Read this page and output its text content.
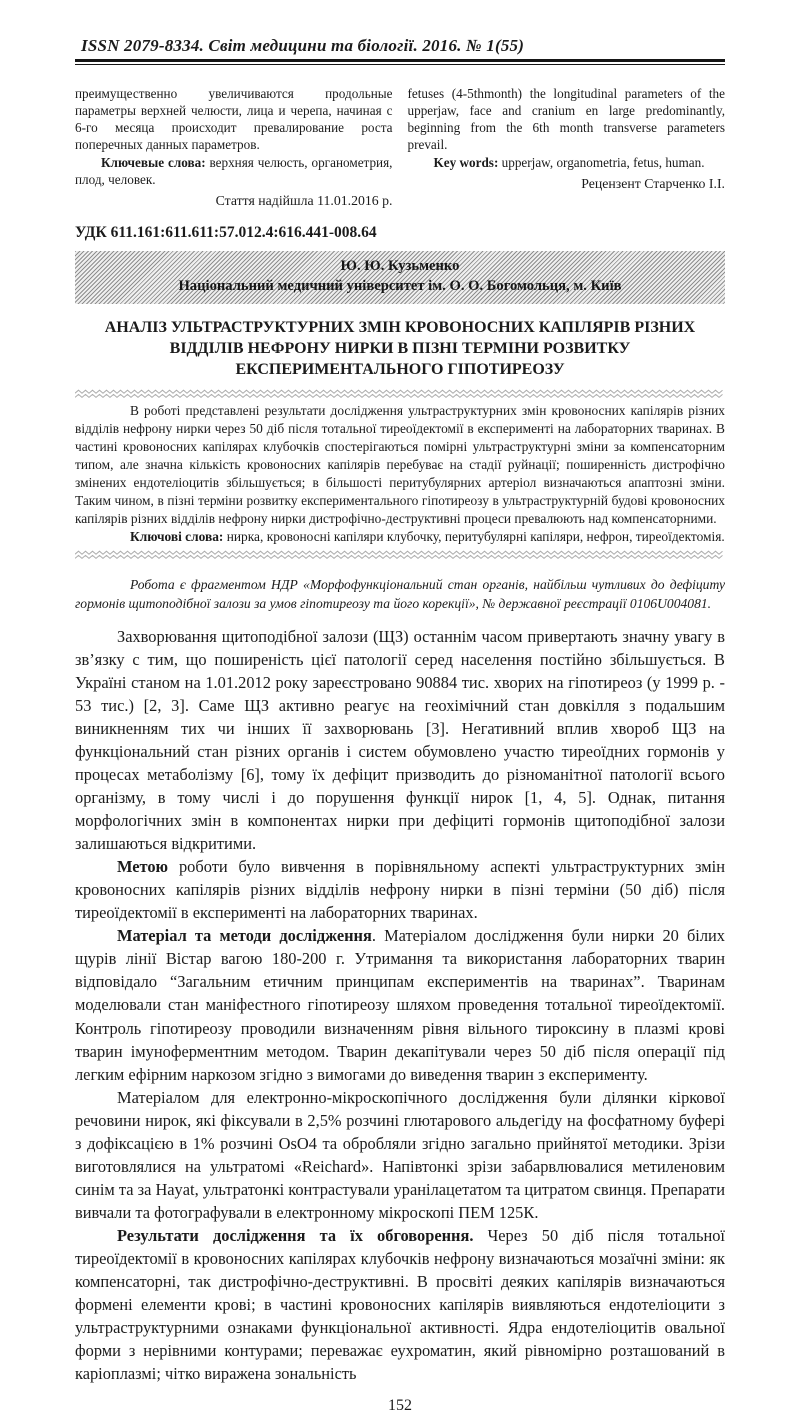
ISSN 2079-8334. Світ медицини та біології. 2016. № 1(55)

преимущественно увеличиваются продольные параметры верхней челюсти, лица и черепа, начиная с 6-го месяца происходит превалирование роста поперечных данных параметров.

Ключевые слова: верхняя челюсть, органометрия, плод, человек.

Стаття надійшла 11.01.2016 р.

fetuses (4-5thmonth) the longitudinal parameters of the upperjaw, face and cranium en large predominantly, beginning from the 6th month transverse parameters prevail.

Key words: upperjaw, organometria, fetus, human.

Рецензент Старченко І.І.

УДК 611.161:611.611:57.012.4:616.441-008.64
Ю. Ю. Кузьменко
Національний медичний університет ім. О. О. Богомольця, м. Київ
АНАЛІЗ УЛЬТРАСТРУКТУРНИХ ЗМІН КРОВОНОСНИХ КАПІЛЯРІВ РІЗНИХ ВІДДІЛІВ НЕФРОНУ НИРКИ В ПІЗНІ ТЕРМІНИ РОЗВИТКУ ЕКСПЕРИМЕНТАЛЬНОГО ГІПОТИРЕОЗУ

В роботі представлені результати дослідження ультраструктурних змін кровоносних капілярів різних відділів нефрону нирки через 50 діб після тотальної тиреоїдектомії в експерименті на лабораторних тваринах. В частині кровоносних капілярах клубочків спостерігаються помірні ультраструктурні зміни за компенсаторним типом, але значна кількість кровоносних капілярів перебуває на стадії руйнації; поширенність дистрофічно змінених ендотеліоцитів збільшується; в більшості перитубулярних артеріол визначаються апаптозні зміни. Таким чином, в пізні терміни розвитку експериментального гіпотиреозу в ультраструктурній будові кровоносних капілярів різних відділів нефрону нирки дистрофічно-деструктивні процеси превалюють над компенсаторними.

Ключові слова: нирка, кровоносні капіляри клубочку, перитубулярні капіляри, нефрон, тиреоїдектомія.

Робота є фрагментом НДР «Морфофункціональний стан органів, найбільш чутливих до дефіциту гормонів щитоподібної залози за умов гіпотиреозу та його корекції», № державної реєстрації 0106U004081.

Захворювання щитоподібної залози (ЩЗ) останнім часом привертають значну увагу в зв’язку с тим, що поширеність цієї патології серед населення постійно збільшується. В Україні станом на 1.01.2012 року зареєстровано 90884 тис. хворих на гіпотиреоз (у 1999 р. - 53 тис.) [2, 3]. Саме ЩЗ активно реагує на геохімічний стан довкілля з подальшим виникненням тих чи інших її захворювань [3]. Негативний вплив хвороб ЩЗ на функціональний стан різних органів і систем обумовлено участю тиреоїдних гормонів у процесах метаболізму [6], тому їх дефіцит призводить до різноманітної патології всього організму, в тому числі і до порушення функції нирок [1, 4, 5]. Однак, питання морфологічних змін в компонентах нирки при дефіциті гормонів щитоподібної залози залишаються відкритими.

Метою роботи було вивчення в порівняльному аспекті ультраструктурних змін кровоносних капілярів різних відділів нефрону нирки в пізні терміни (50 діб) після тиреоїдектомії в експерименті на лабораторних тваринах.

Матеріал та методи дослідження. Матеріалом дослідження були нирки 20 білих щурів лінії Вістар вагою 180-200 г. Утримання та використання лабораторних тварин відповідало “Загальним етичним принципам експериментів на тваринах”. Тваринам моделювали стан маніфестного гіпотиреозу шляхом проведення тотальної тиреоїдектомії. Контроль гіпотиреозу проводили визначенням рівня вільного тироксину в плазмі крові тварин імуноферментним методом. Тварин декапітували через 50 діб після операції під легким ефірним наркозом згідно з вимогами до виведення тварин з експерименту.

Матеріалом для електронно-мікроскопічного дослідження були ділянки кіркової речовини нирок, які фіксували в 2,5% розчині глютарового альдегіду на фосфатному буфері з дофіксацією в 1% розчині OsO4 та обробляли згідно загально прийнятої методики. Зрізи виготовлялися на ультратомі «Reichard». Напівтонкі зрізи забарвлювалися метиленовим синім та за Hayat, ультратонкі контрастували уранілацетатом та цитратом свинця. Препарати вивчали та фотографували в електронному мікроскопі ПЕМ 125К.

Результати дослідження та їх обговорення. Через 50 діб після тотальної тиреоїдектомії в кровоносних капілярах клубочків нефрону визначаються мозаїчні зміни: як компенсаторні, так дистрофічно-деструктивні. В просвіті деяких капілярів визначаються формені елементи крові; в частині кровоносних капілярів виявляються ендотеліоцити з ультраструктурними ознаками функціональної активності. Ядра ендотеліоцитів овальної форми з нерівними контурами; переважає еухроматин, який рівномірно розташований в каріоплазмі; чітко виражена зональність

152
